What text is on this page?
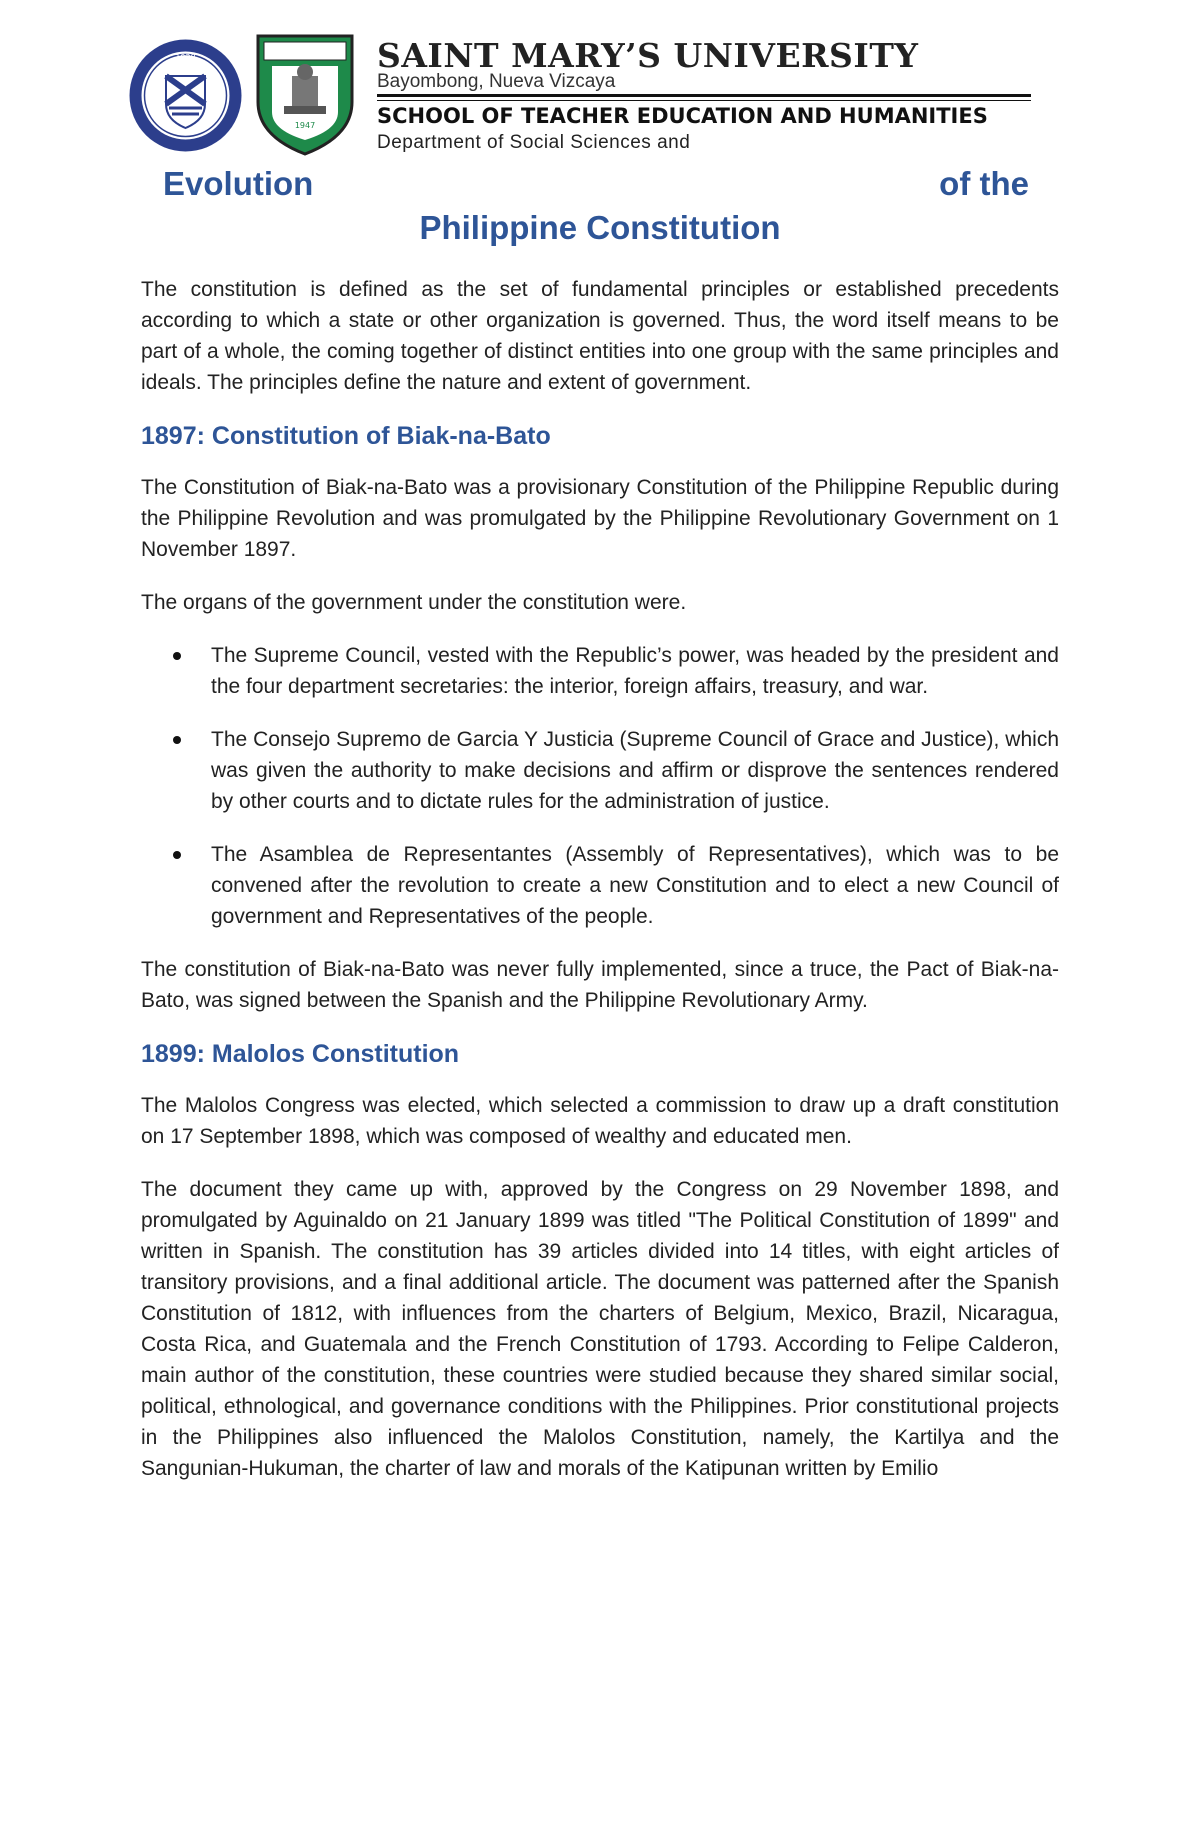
1928
1947
SAINT MARY’S UNIVERSITY
Bayombong, Nueva Vizcaya
SCHOOL OF TEACHER EDUCATION AND HUMANITIES
Department of Social Sciences and
Evolution	of the
Philippine Constitution

The constitution is defined as the set of fundamental principles or established precedents according to which a state or other organization is governed. Thus, the word itself means to be part of a whole, the coming together of distinct entities into one group with the same principles and ideals. The principles define the nature and extent of government.

1897: Constitution of Biak-na-Bato

The Constitution of Biak-na-Bato was a provisionary Constitution of the Philippine Republic during the Philippine Revolution and was promulgated by the Philippine Revolutionary Government on 1 November 1897.

The organs of the government under the constitution were.

The Supreme Council, vested with the Republic’s power, was headed by the president and the four department secretaries: the interior, foreign affairs, treasury, and war.
The Consejo Supremo de Garcia Y Justicia (Supreme Council of Grace and Justice), which was given the authority to make decisions and affirm or disprove the sentences rendered by other courts and to dictate rules for the administration of justice.
The Asamblea de Representantes (Assembly of Representatives), which was to be convened after the revolution to create a new Constitution and to elect a new Council of government and Representatives of the people.

The constitution of Biak-na-Bato was never fully implemented, since a truce, the Pact of Biak-na-Bato, was signed between the Spanish and the Philippine Revolutionary Army.

1899: Malolos Constitution

The Malolos Congress was elected, which selected a commission to draw up a draft constitution on 17 September 1898, which was composed of wealthy and educated men.

The document they came up with, approved by the Congress on 29 November 1898, and promulgated by Aguinaldo on 21 January 1899 was titled "The Political Constitution of 1899" and written in Spanish. The constitution has 39 articles divided into 14 titles, with eight articles of transitory provisions, and a final additional article. The document was patterned after the Spanish Constitution of 1812, with influences from the charters of Belgium, Mexico, Brazil, Nicaragua, Costa Rica, and Guatemala and the French Constitution of 1793. According to Felipe Calderon, main author of the constitution, these countries were studied because they shared similar social, political, ethnological, and governance conditions with the Philippines. Prior constitutional projects in the Philippines also influenced the Malolos Constitution, namely, the Kartilya and the Sangunian-Hukuman, the charter of law and morals of the Katipunan written by Emilio
